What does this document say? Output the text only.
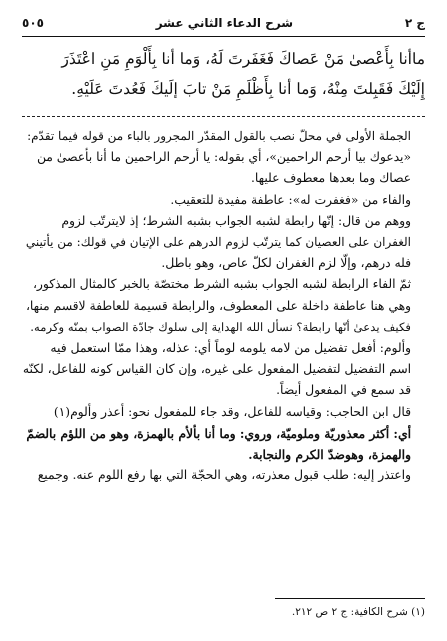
ج ٢
شرح الدعاء الثاني عشر
٥٠٥
ماأنا بِأَعْصىٰ مَنْ عَصاكَ فَغَفَرتَ لَهُ، وَما أنا بِأَلْوَمِ مَنِ اعْتَذَرَ
إِلَيْكَ فَقَبِلتَ مِنْهُ، وَما أنا بِأَظْلَمِ مَنْ تابَ إلَيكَ فَعُدتَ عَلَيْهِ.

الجملة الأولى في محلّ نصب بالقول المقدّر المجرور بالباء من قوله فيما تقدّم:
«يدعوك بيا أرحم الراحمين»، أي بقوله: يا أرحم الراحمين ما أنا بأعصىٰ من
عصاك وما بعدها معطوف عليها.

والفاء من «فغفرت له»: عاطفة مفيدة للتعقيب.

ووهم من قال: إنّها رابطة لشبه الجواب بشبه الشرط؛ إذ لايترتّب لزوم
الغفران على العصيان كما يترتّب لزوم الدرهم على الإتيان في قولك: من يأتيني
فله درهم، وإلّا لزم الغفران لكلّ عاص، وهو باطل.

ثمّ الفاء الرابطة لشبه الجواب بشبه الشرط مختصّة بالخبر كالمثال المذكور،
وهي هنا عاطفة داخلة على المعطوف، والرابطة قسيمة للعاطفة لاقسم منها،
فكيف يدعىٰ أنّها رابطة؟ نسأل الله الهداية إلى سلوك جادّة الصواب بمنّه وكرمه.

وألوم: أفعل تفضيل من لامه يلومه لوماً أي: عذله، وهذا ممّا استعمل فيه
اسم التفضيل لتفضيل المفعول على غيره، وإن كان القياس كونه للفاعل، لكنّه
قد سمع في المفعول أيضاً.

قال ابن الحاجب: وقياسه للفاعل، وقد جاء للمفعول نحو: أعذر وألوم(١)
أي: أكثر معذوريّة وملوميّة، وروي: وما أنا بألأم بالهمزة، وهو من اللؤم بالضمّ
والهمزة، وهوضدّ الكرم والنجابة.

واعتذر إليه: طلب قبول معذرته، وهي الحجّة التي بها رفع اللوم عنه. وجميع

(١) شرح الكافية: ج ٢ ص ٢١٢.
